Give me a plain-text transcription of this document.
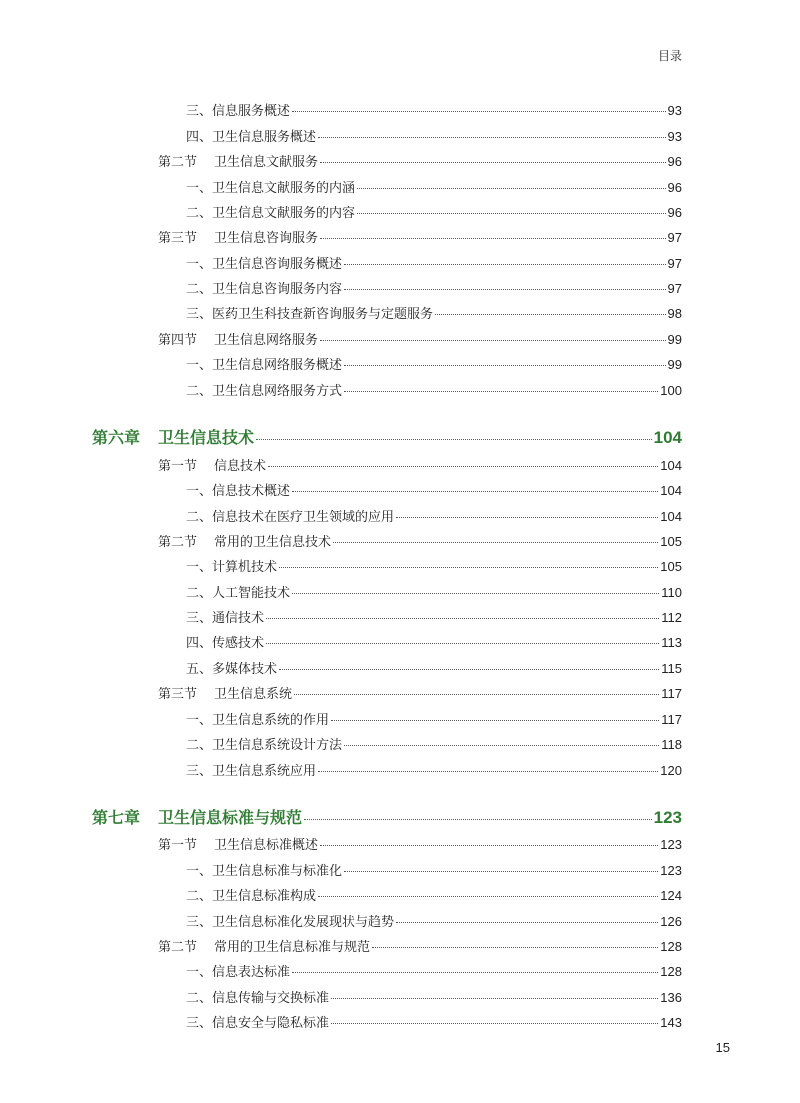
目录
三、信息服务概述	93
四、卫生信息服务概述	93
第二节 卫生信息文献服务	96
一、卫生信息文献服务的内涵	96
二、卫生信息文献服务的内容	96
第三节 卫生信息咨询服务	97
一、卫生信息咨询服务概述	97
二、卫生信息咨询服务内容	97
三、医药卫生科技查新咨询服务与定题服务	98
第四节 卫生信息网络服务	99
一、卫生信息网络服务概述	99
二、卫生信息网络服务方式	100
第六章 卫生信息技术	104
第一节 信息技术	104
一、信息技术概述	104
二、信息技术在医疗卫生领域的应用	104
第二节 常用的卫生信息技术	105
一、计算机技术	105
二、人工智能技术	110
三、通信技术	112
四、传感技术	113
五、多媒体技术	115
第三节 卫生信息系统	117
一、卫生信息系统的作用	117
二、卫生信息系统设计方法	118
三、卫生信息系统应用	120
第七章 卫生信息标准与规范	123
第一节 卫生信息标准概述	123
一、卫生信息标准与标准化	123
二、卫生信息标准构成	124
三、卫生信息标准化发展现状与趋势	126
第二节 常用的卫生信息标准与规范	128
一、信息表达标准	128
二、信息传输与交换标准	136
三、信息安全与隐私标准	143
15
